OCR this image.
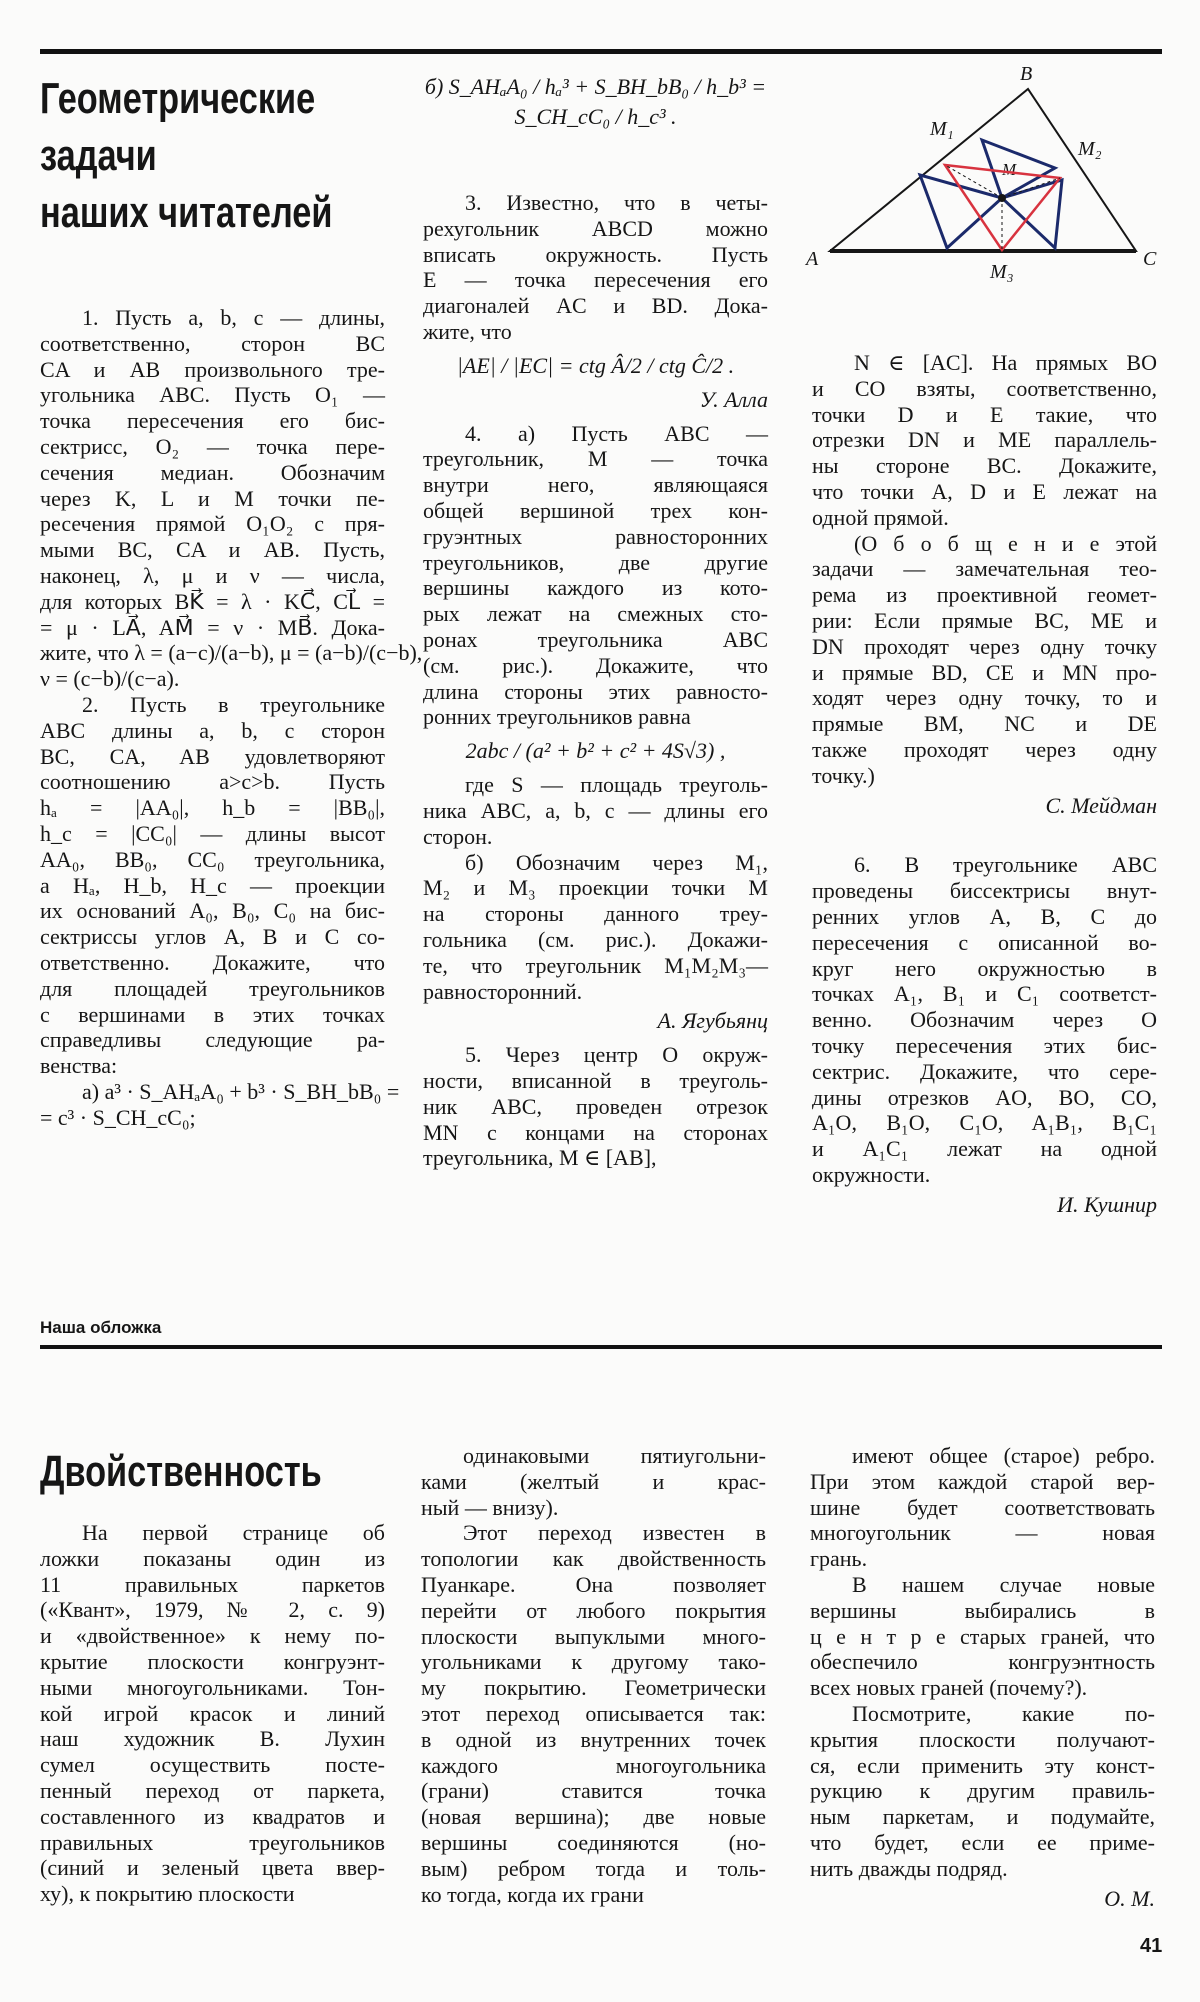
Геометрические
задачи
наших читателей
1. Пусть a, b, c — длины,
соответственно, сторон BC
CA и AB произвольного тре-
угольника ABC. Пусть O₁ —
точка пересечения его бис-
сектрисс, O₂ — точка пере-
сечения медиан. Обозначим
через K, L и M точки пе-
ресечения прямой O₁O₂ с пря-
мыми BC, CA и AB. Пусть,
наконец, λ, μ и ν — числа,
для которых BK⃗ = λ · KC⃗, CL⃗ =
= μ · LA⃗, AM⃗ = ν · MB⃗. Дока-
жите, что λ = (a−c)/(a−b), μ = (a−b)/(c−b),
ν = (c−b)/(c−a).
2. Пусть в треугольнике
ABC длины a, b, c сторон
BC, CA, AB удовлетворяют
соотношению a>c>b. Пусть
hₐ = |AA₀|, h_b = |BB₀|,
h_c = |CC₀| — длины высот
AA₀, BB₀, CC₀ треугольника,
a Hₐ, H_b, H_c — проекции
их оснований A₀, B₀, C₀ на бис-
сектриссы углов A, B и C со-
ответственно. Докажите, что
для площадей треугольников
с вершинами в этих точках
справедливы следующие ра-
венства:
а) a³ · S_AHₐA₀ + b³ · S_BH_bB₀ =
= c³ · S_CH_cC₀;
б) S_AHₐA₀ / hₐ³ + S_BH_bB₀ / h_b³ = S_CH_cC₀ / h_c³ .
3. Известно, что в четы-
рехугольник ABCD можно
вписать окружность. Пусть
E — точка пересечения его
диагоналей AC и BD. Дока-
жите, что
|AE| / |EC| = ctg Â/2 / ctg Ĉ/2 .
У. Алла
4. а) Пусть ABC —
треугольник, M — точка
внутри него, являющаяся
общей вершиной трех кон-
груэнтных равносторонних
треугольников, две другие
вершины каждого из кото-
рых лежат на смежных сто-
ронах треугольника ABC
(см. рис.). Докажите, что
длина стороны этих равносто-
ронних треугольников равна
2abc / (a² + b² + c² + 4S√3) ,
где S — площадь треуголь-
ника ABC, a, b, c — длины его
сторон.
б) Обозначим через M₁,
M₂ и M₃ проекции точки M
на стороны данного треу-
гольника (см. рис.). Докажи-
те, что треугольник M₁M₂M₃—
равносторонний.
А. Ягубьянц
5. Через центр O окруж-
ности, вписанной в треуголь-
ник ABC, проведен отрезок
MN с концами на сторонах
треугольника, M ∈ [AB],
N ∈ [AC]. На прямых BO
и CO взяты, соответственно,
точки D и E такие, что
отрезки DN и ME параллель-
ны стороне BC. Докажите,
что точки A, D и E лежат на
одной прямой.
(О б о б щ е н и е этой
задачи — замечательная тео-
рема из проективной геомет-
рии: Если прямые BC, ME и
DN проходят через одну точку
и прямые BD, CE и MN про-
ходят через одну точку, то и
прямые BM, NC и DE
также проходят через одну
точку.)
С. Мейдман
6. В треугольнике ABC
проведены биссектрисы внут-
ренних углов A, B, C до
пересечения с описанной во-
круг него окружностью в
точках A₁, B₁ и C₁ соответст-
венно. Обозначим через O
точку пересечения этих бис-
сектрис. Докажите, что сере-
дины отрезков AO, BO, CO,
A₁O, B₁O, C₁O, A₁B₁, B₁C₁
и A₁C₁ лежат на одной
окружности.
И. Кушнир
A
B
C
M
M₁
M₂
M₃
Наша обложка
Двойственность
На первой странице об
ложки показаны один из
11 правильных паркетов
(«Квант», 1979, № 2, с. 9)
и «двойственное» к нему по-
крытие плоскости конгруэнт-
ными многоугольниками. Тон-
кой игрой красок и линий
наш художник В. Лухин
сумел осуществить посте-
пенный переход от паркета,
составленного из квадратов и
правильных треугольников
(синий и зеленый цвета ввер-
ху), к покрытию плоскости
одинаковыми пятиугольни-
ками (желтый и крас-
ный — внизу).
Этот переход известен в
топологии как двойственность
Пуанкаре. Она позволяет
перейти от любого покрытия
плоскости выпуклыми много-
угольниками к другому тако-
му покрытию. Геометрически
этот переход описывается так:
в одной из внутренних точек
каждого многоугольника
(грани) ставится точка
(новая вершина); две новые
вершины соединяются (но-
вым) ребром тогда и толь-
ко тогда, когда их грани
имеют общее (старое) ребро.
При этом каждой старой вер-
шине будет соответствовать
многоугольник — новая
грань.
В нашем случае новые
вершины выбирались в
ц е н т р е старых граней, что
обеспечило конгруэнтность
всех новых граней (почему?).
Посмотрите, какие по-
крытия плоскости получают-
ся, если применить эту конст-
рукцию к другим правиль-
ным паркетам, и подумайте,
что будет, если ее приме-
нить дважды подряд.
О. М.
41
